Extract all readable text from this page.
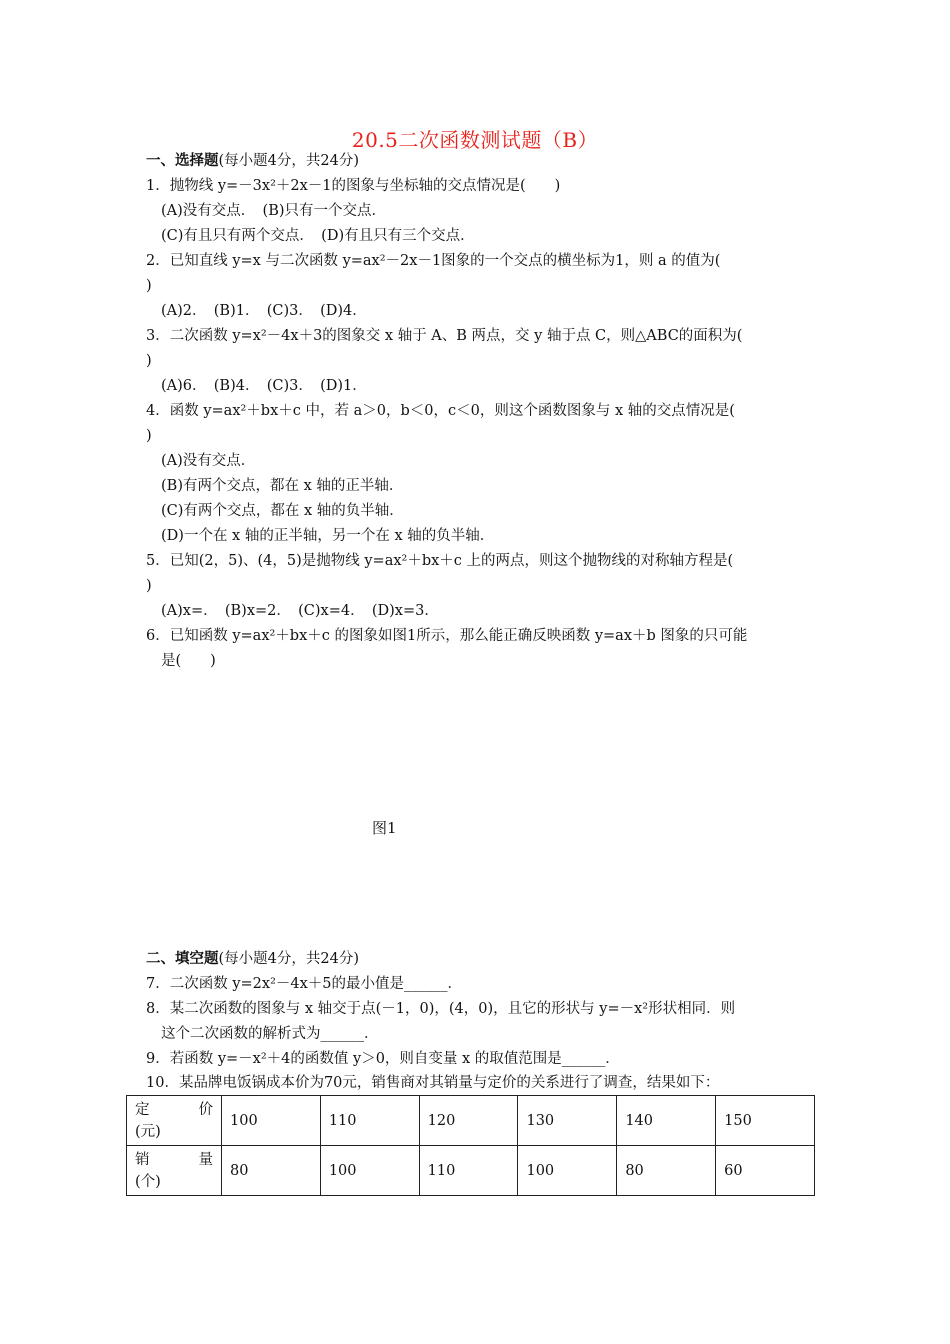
20.5二次函数测试题（B）
一、选择题(每小题4分，共24分)
1．抛物线 y=－3x²＋2x－1的图象与坐标轴的交点情况是(　　)
(A)没有交点．　(B)只有一个交点．
(C)有且只有两个交点．　(D)有且只有三个交点．
2．已知直线 y=x 与二次函数 y=ax²－2x－1图象的一个交点的横坐标为1，则 a 的值为(
)
(A)2．　(B)1．　(C)3．　(D)4．
3．二次函数 y=x²－4x＋3的图象交 x 轴于 A、B 两点，交 y 轴于点 C，则△ABC的面积为(
)
(A)6．　(B)4．　(C)3．　(D)1．
4．函数 y=ax²＋bx＋c 中，若 a＞0，b＜0，c＜0，则这个函数图象与 x 轴的交点情况是(
)
(A)没有交点．
(B)有两个交点，都在 x 轴的正半轴．
(C)有两个交点，都在 x 轴的负半轴．
(D)一个在 x 轴的正半轴，另一个在 x 轴的负半轴．
5．已知(2，5)、(4，5)是抛物线 y=ax²＋bx＋c 上的两点，则这个抛物线的对称轴方程是(
)
(A)x=．　(B)x=2．　(C)x=4．　(D)x=3．
6．已知函数 y=ax²＋bx＋c 的图象如图1所示，那么能正确反映函数 y=ax＋b 图象的只可能
是(　　)
图1
二、填空题(每小题4分，共24分)
7．二次函数 y=2x²－4x＋5的最小值是______．
8．某二次函数的图象与 x 轴交于点(－1，0)，(4，0)，且它的形状与 y=－x²形状相同．则
这个二次函数的解析式为______．
9．若函数 y=－x²＋4的函数值 y＞0，则自变量 x 的取值范围是______．
10．某品牌电饭锅成本价为70元，销售商对其销量与定价的关系进行了调查，结果如下：
定 价
(元)	100	110	120	130	140	150

销 量
(个)	80	100	110	100	80	60
